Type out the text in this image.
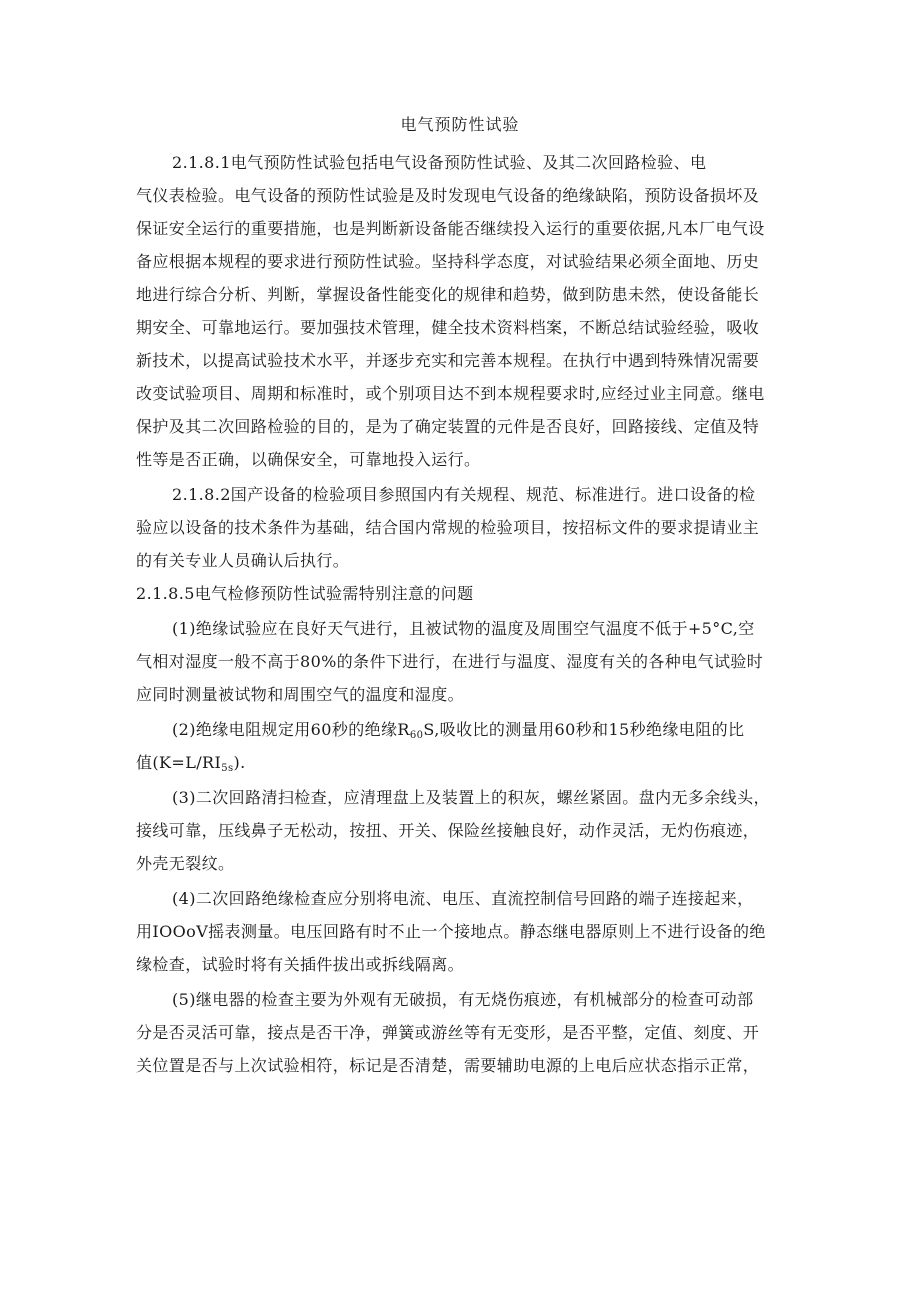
电气预防性试验
2.1.8.1电气预防性试验包括电气设备预防性试验、及其二次回路检验、电
气仪表检验。电气设备的预防性试验是及时发现电气设备的绝缘缺陷，预防设备损坏及
保证安全运行的重要措施，也是判断新设备能否继续投入运行的重要依据,凡本厂电气设
备应根据本规程的要求进行预防性试验。坚持科学态度，对试验结果必须全面地、历史
地进行综合分析、判断，掌握设备性能变化的规律和趋势，做到防患未然，使设备能长
期安全、可靠地运行。要加强技术管理，健全技术资料档案，不断总结试验经验，吸收
新技术，以提高试验技术水平，并逐步充实和完善本规程。在执行中遇到特殊情况需要
改变试验项目、周期和标准时，或个别项目达不到本规程要求时,应经过业主同意。继电
保护及其二次回路检验的目的，是为了确定装置的元件是否良好，回路接线、定值及特
性等是否正确，以确保安全，可靠地投入运行。
2.1.8.2国产设备的检验项目参照国内有关规程、规范、标准进行。进口设备的检
验应以设备的技术条件为基础，结合国内常规的检验项目，按招标文件的要求提请业主
的有关专业人员确认后执行。
2.1.8.5电气检修预防性试验需特别注意的问题
(1)绝缘试验应在良好天气进行，且被试物的温度及周围空气温度不低于+5°C,空
气相对湿度一般不高于80%的条件下进行，在进行与温度、湿度有关的各种电气试验时
应同时测量被试物和周围空气的温度和湿度。
(2)绝缘电阻规定用60秒的绝缘$R_{60}S$,吸收比的测量用60秒和15秒绝缘电阻的比
值$(K=L/RI_{5s})$.
(3)二次回路清扫检查，应清理盘上及装置上的积灰，螺丝紧固。盘内无多余线头，
接线可靠，压线鼻子无松动，按扭、开关、保险丝接触良好，动作灵活，无灼伤痕迹，
外壳无裂纹。
(4)二次回路绝缘检查应分别将电流、电压、直流控制信号回路的端子连接起来，
用IOOoV摇表测量。电压回路有时不止一个接地点。静态继电器原则上不进行设备的绝
缘检查，试验时将有关插件拔出或拆线隔离。
(5)继电器的检查主要为外观有无破损，有无烧伤痕迹，有机械部分的检查可动部
分是否灵活可靠，接点是否干净，弹簧或游丝等有无变形，是否平整，定值、刻度、开
关位置是否与上次试验相符，标记是否清楚，需要辅助电源的上电后应状态指示正常，
